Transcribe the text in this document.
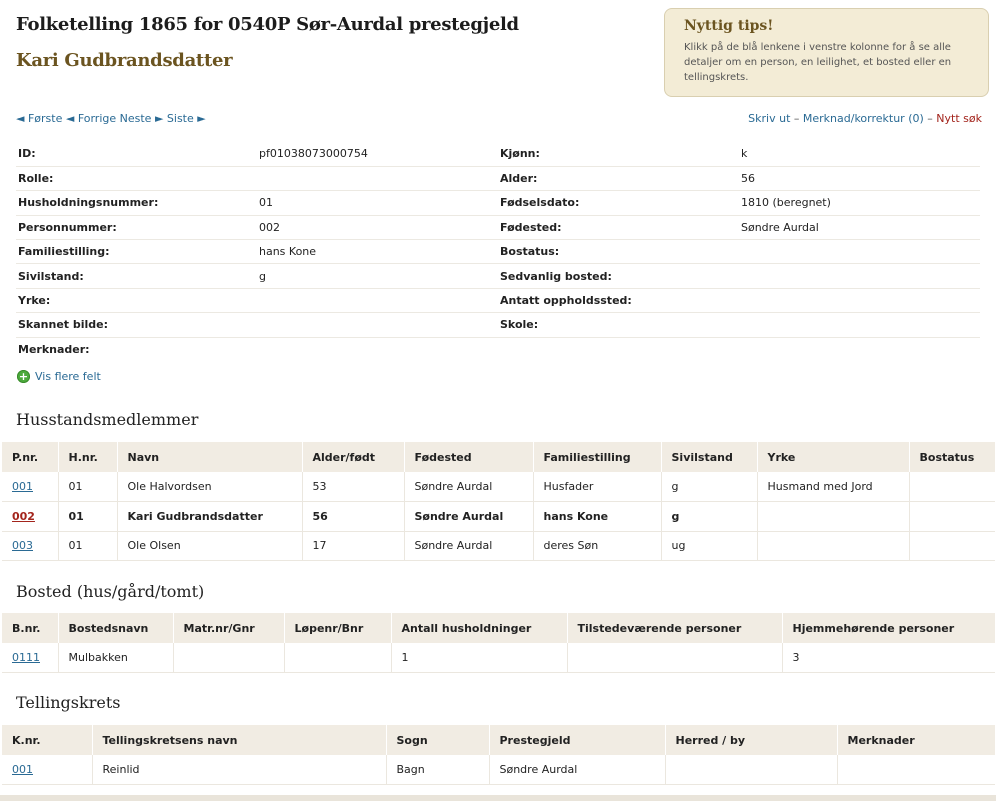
Folketelling 1865 for 0540P Sør-Aurdal prestegjeld
Kari Gudbrandsdatter
Nyttig tips!
Klikk på de blå lenkene i venstre kolonne for å se alle detaljer om en person, en leilighet, et bosted eller en tellingskrets.
◄ Første ◄ Forrige Neste ► Siste ►	Skriv ut – Merknad/korrektur (0) – Nytt søk
ID:	pf01038073000754	Kjønn:	k
Rolle:		Alder:	56
Husholdningsnummer:	01	Fødselsdato:	1810 (beregnet)
Personnummer:	002	Fødested:	Søndre Aurdal
Familiestilling:	hans Kone	Bostatus:	
Sivilstand:	g	Sedvanlig bosted:	
Yrke:		Antatt oppholdssted:	
Skannet bilde:		Skole:	
Merknader:			
+ Vis flere felt
Husstandsmedlemmer
P.nr.	H.nr.	Navn	Alder/født	Fødested	Familiestilling	Sivilstand	Yrke	Bostatus
001	01	Ole Halvordsen	53	Søndre Aurdal	Husfader	g	Husmand med Jord	
002	01	Kari Gudbrandsdatter	56	Søndre Aurdal	hans Kone	g		
003	01	Ole Olsen	17	Søndre Aurdal	deres Søn	ug		
Bosted (hus/gård/tomt)
B.nr.	Bostedsnavn	Matr.nr/Gnr	Løpenr/Bnr	Antall husholdninger	Tilstedeværende personer	Hjemmehørende personer
0111	Mulbakken			1		3
Tellingskrets
K.nr.	Tellingskretsens navn	Sogn	Prestegjeld	Herred / by	Merknader
001	Reinlid	Bagn	Søndre Aurdal		
